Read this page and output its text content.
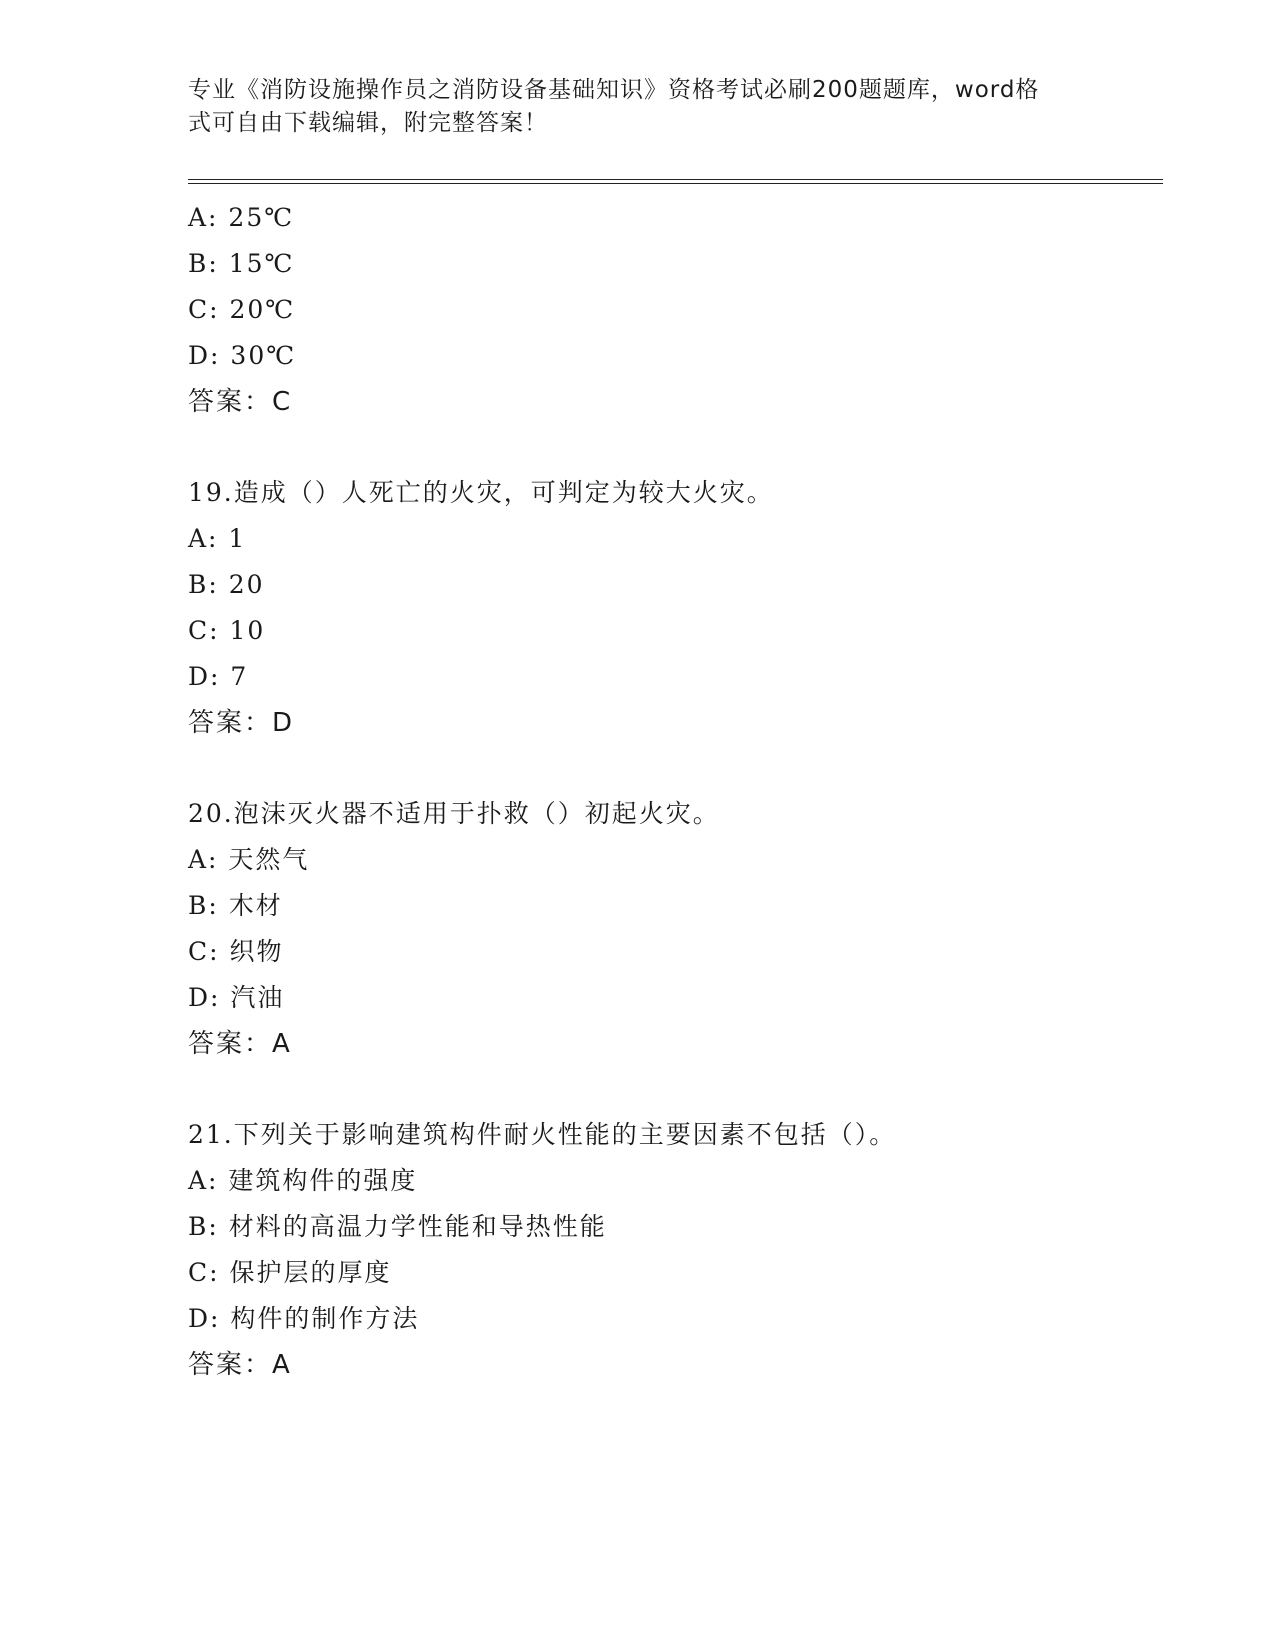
专业《消防设施操作员之消防设备基础知识》资格考试必刷200题题库，word格
式可自由下载编辑，附完整答案！
A: 25℃
B: 15℃
C: 20℃
D: 30℃
答案：C
19.造成（）人死亡的火灾，可判定为较大火灾。
A: 1
B: 20
C: 10
D: 7
答案：D
20.泡沫灭火器不适用于扑救（）初起火灾。
A: 天然气
B: 木材
C: 织物
D: 汽油
答案：A
21.下列关于影响建筑构件耐火性能的主要因素不包括（）。
A: 建筑构件的强度
B: 材料的高温力学性能和导热性能
C: 保护层的厚度
D: 构件的制作方法
答案：A
